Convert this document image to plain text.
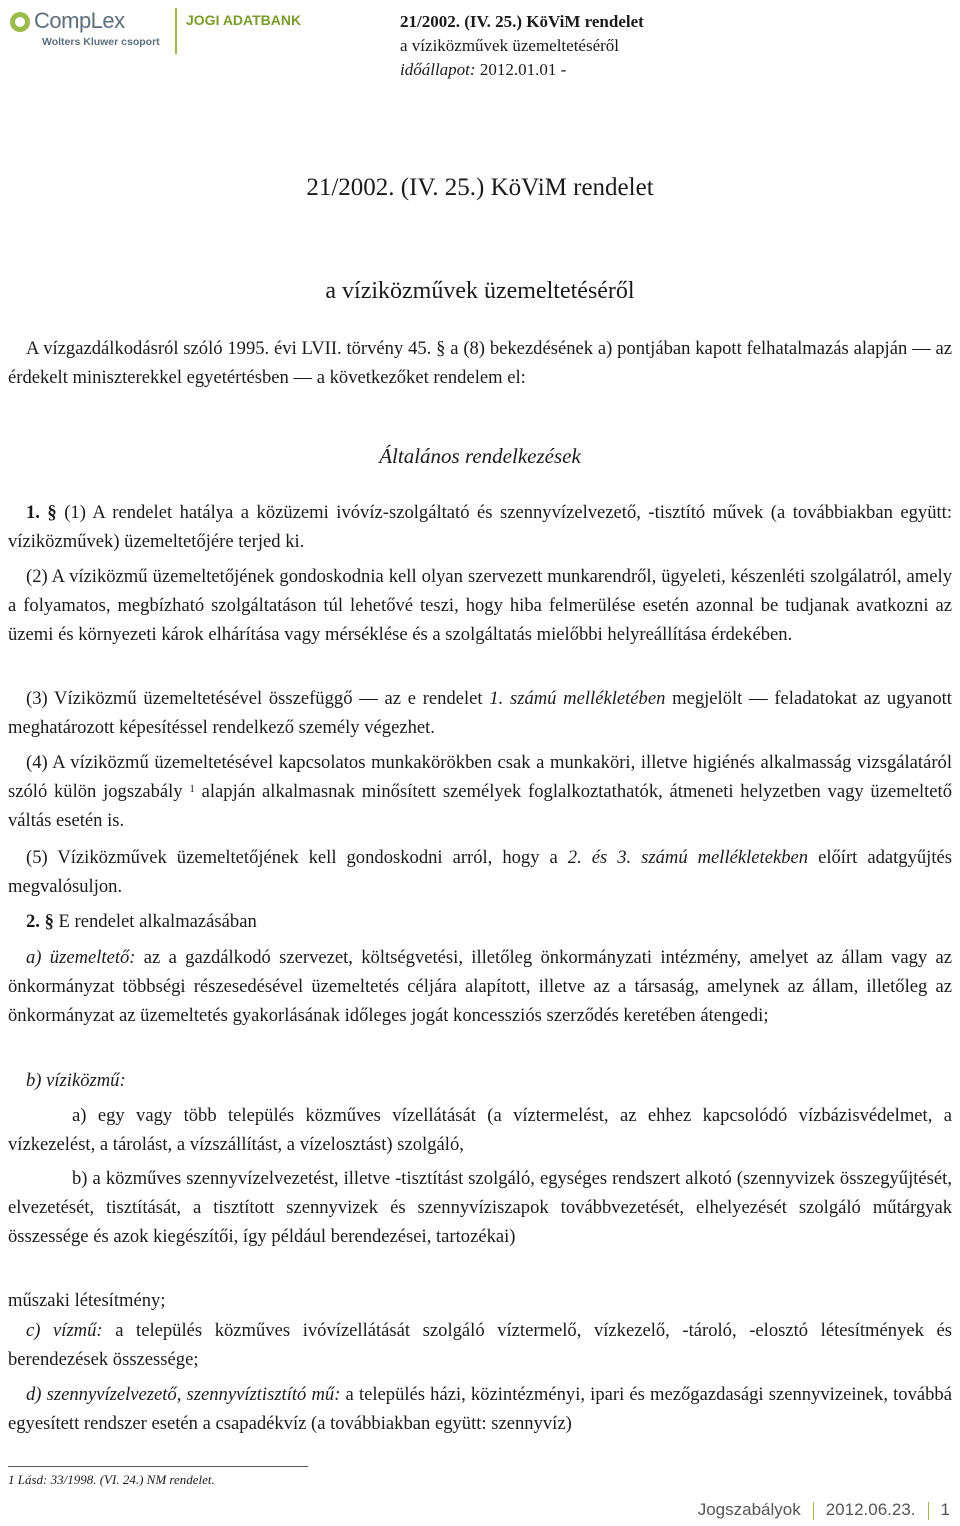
CompLex
Wolters Kluwer csoport
JOGI ADATBANK	21/2002. (IV. 25.) KöViM rendelet
a víziközművek üzemeltetéséről
időállapot: 2012.01.01 -
21/2002. (IV. 25.) KöViM rendelet
a víziközművek üzemeltetéséről
A vízgazdálkodásról szóló 1995. évi LVII. törvény 45. § a (8) bekezdésének a) pontjában kapott felhatalmazás alapján — az érdekelt miniszterekkel egyetértésben — a következőket rendelem el:
Általános rendelkezések
1. § (1) A rendelet hatálya a közüzemi ivóvíz-szolgáltató és szennyvízelvezető, -tisztító művek (a továbbiakban együtt: víziközművek) üzemeltetőjére terjed ki.
(2) A víziközmű üzemeltetőjének gondoskodnia kell olyan szervezett munkarendről, ügyeleti, készenléti szolgálatról, amely a folyamatos, megbízható szolgáltatáson túl lehetővé teszi, hogy hiba felmerülése esetén azonnal be tudjanak avatkozni az üzemi és környezeti károk elhárítása vagy mérséklése és a szolgáltatás mielőbbi helyreállítása érdekében.
(3) Víziközmű üzemeltetésével összefüggő — az e rendelet 1. számú mellékletében megjelölt — feladatokat az ugyanott meghatározott képesítéssel rendelkező személy végezhet.
(4) A víziközmű üzemeltetésével kapcsolatos munkakörökben csak a munkaköri, illetve higiénés alkalmasság vizsgálatáról szóló külön jogszabály $^1$ alapján alkalmasnak minősített személyek foglalkoztathatók, átmeneti helyzetben vagy üzemeltető váltás esetén is.
(5) Víziközművek üzemeltetőjének kell gondoskodni arról, hogy a 2. és 3. számú mellékletekben előírt adatgyűjtés megvalósuljon.
2. § E rendelet alkalmazásában
a) üzemeltető: az a gazdálkodó szervezet, költségvetési, illetőleg önkormányzati intézmény, amelyet az állam vagy az önkormányzat többségi részesedésével üzemeltetés céljára alapított, illetve az a társaság, amelynek az állam, illetőleg az önkormányzat az üzemeltetés gyakorlásának időleges jogát koncessziós szerződés keretében átengedi;
b) víziközmű:
a) egy vagy több település közműves vízellátását (a víztermelést, az ehhez kapcsolódó vízbázisvédelmet, a vízkezelést, a tárolást, a vízszállítást, a vízelosztást) szolgáló,
b) a közműves szennyvízelvezetést, illetve -tisztítást szolgáló, egységes rendszert alkotó (szennyvizek összegyűjtését, elvezetését, tisztítását, a tisztított szennyvizek és szennyvíziszapok továbbvezetését, elhelyezését szolgáló műtárgyak összessége és azok kiegészítői, így például berendezései, tartozékai)
műszaki létesítmény;
c) vízmű: a település közműves ivóvízellátását szolgáló víztermelő, vízkezelő, -tároló, -elosztó létesítmények és berendezések összessége;
d) szennyvízelvezető, szennyvíztisztító mű: a település házi, közintézményi, ipari és mezőgazdasági szennyvizeinek, továbbá egyesített rendszer esetén a csapadékvíz (a továbbiakban együtt: szennyvíz)
1 Lásd: 33/1998. (VI. 24.) NM rendelet.
Jogszabályok 2012.06.23. 1
